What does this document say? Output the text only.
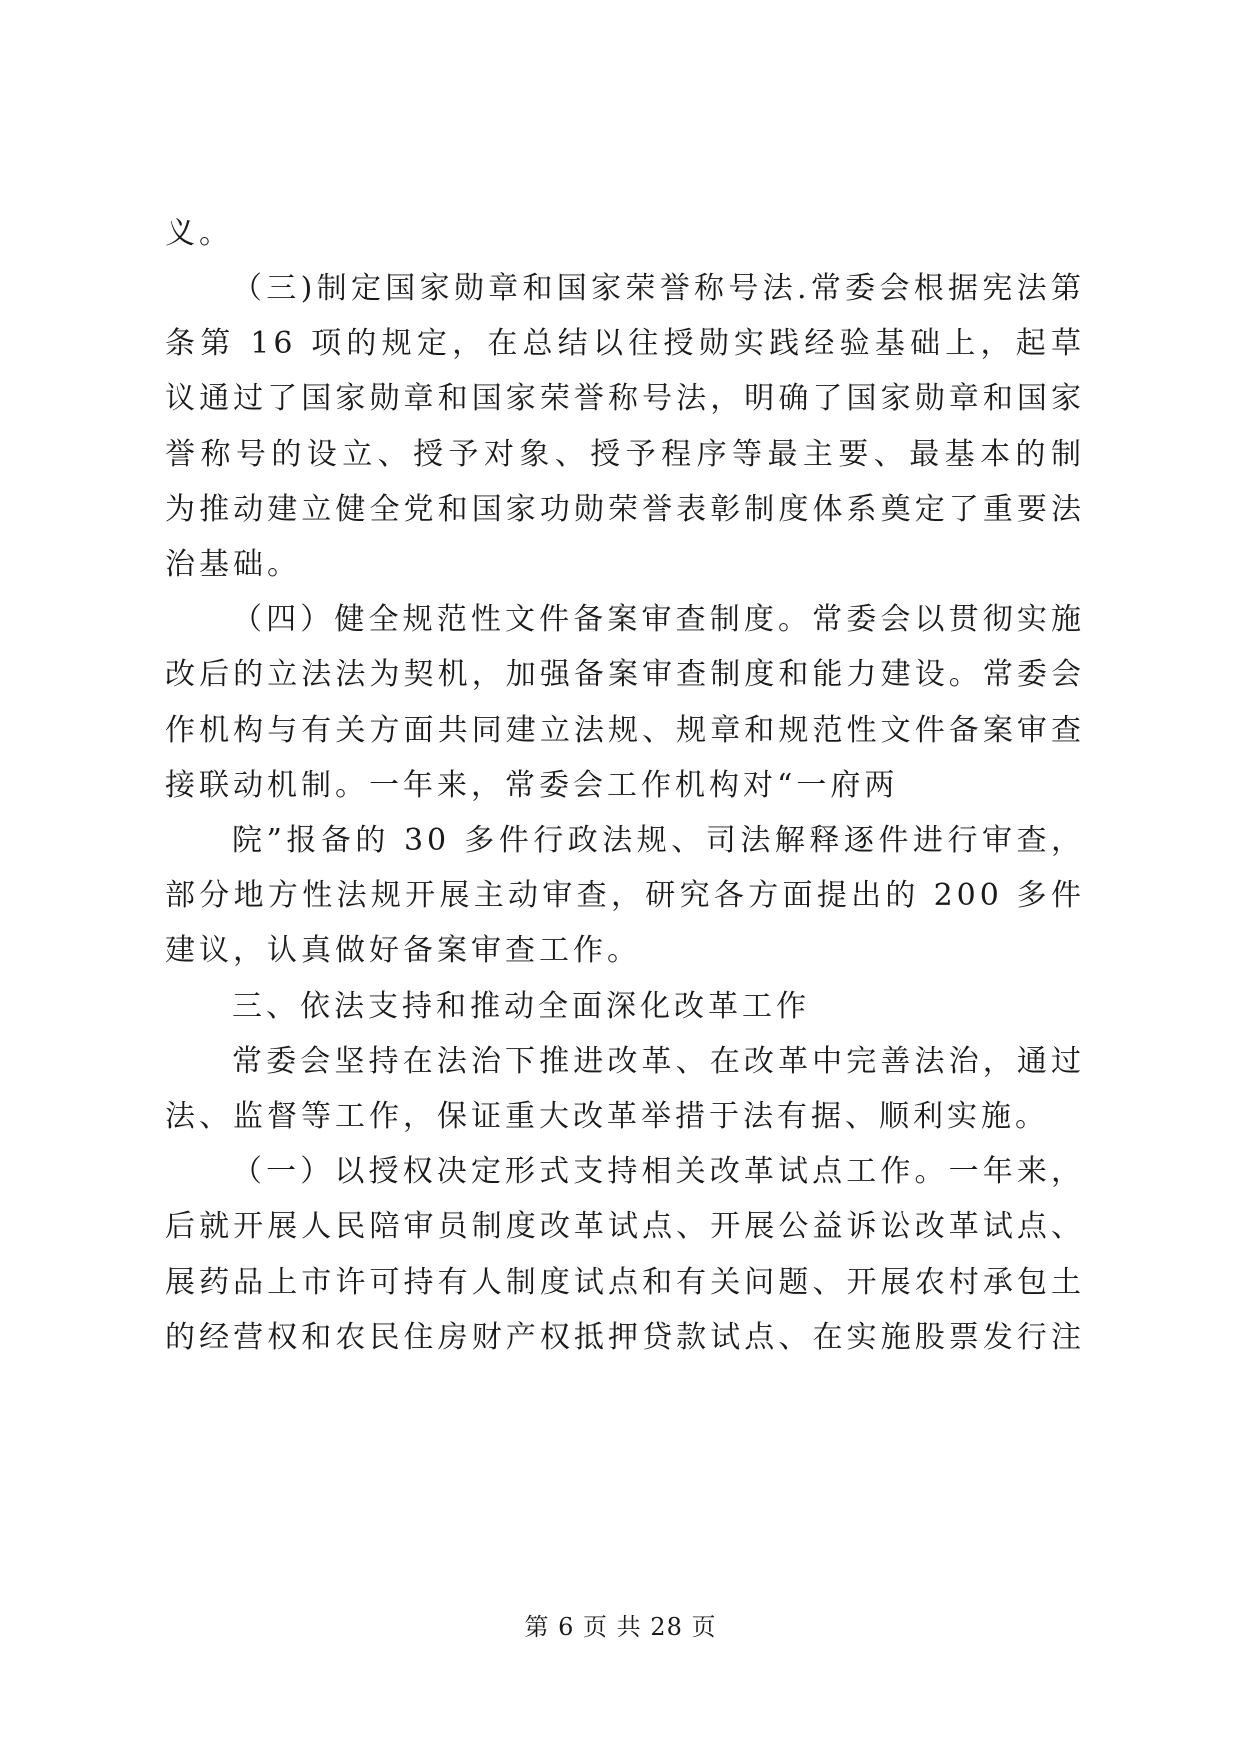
义。
（三)制定国家勋章和国家荣誉称号法.常委会根据宪法第
条第 16 项的规定，在总结以往授勋实践经验基础上，起草
议通过了国家勋章和国家荣誉称号法，明确了国家勋章和国家
誉称号的设立、授予对象、授予程序等最主要、最基本的制
为推动建立健全党和国家功勋荣誉表彰制度体系奠定了重要法
治基础。
（四）健全规范性文件备案审查制度。常委会以贯彻实施
改后的立法法为契机，加强备案审查制度和能力建设。常委会
作机构与有关方面共同建立法规、规章和规范性文件备案审查
接联动机制。一年来，常委会工作机构对“一府两
院”报备的 30 多件行政法规、司法解释逐件进行审查，
部分地方性法规开展主动审查，研究各方面提出的 200 多件
建议，认真做好备案审查工作。
三、依法支持和推动全面深化改革工作
常委会坚持在法治下推进改革、在改革中完善法治，通过
法、监督等工作，保证重大改革举措于法有据、顺利实施。
（一）以授权决定形式支持相关改革试点工作。一年来，
后就开展人民陪审员制度改革试点、开展公益诉讼改革试点、
展药品上市许可持有人制度试点和有关问题、开展农村承包土
的经营权和农民住房财产权抵押贷款试点、在实施股票发行注
第 6 页 共 28 页
